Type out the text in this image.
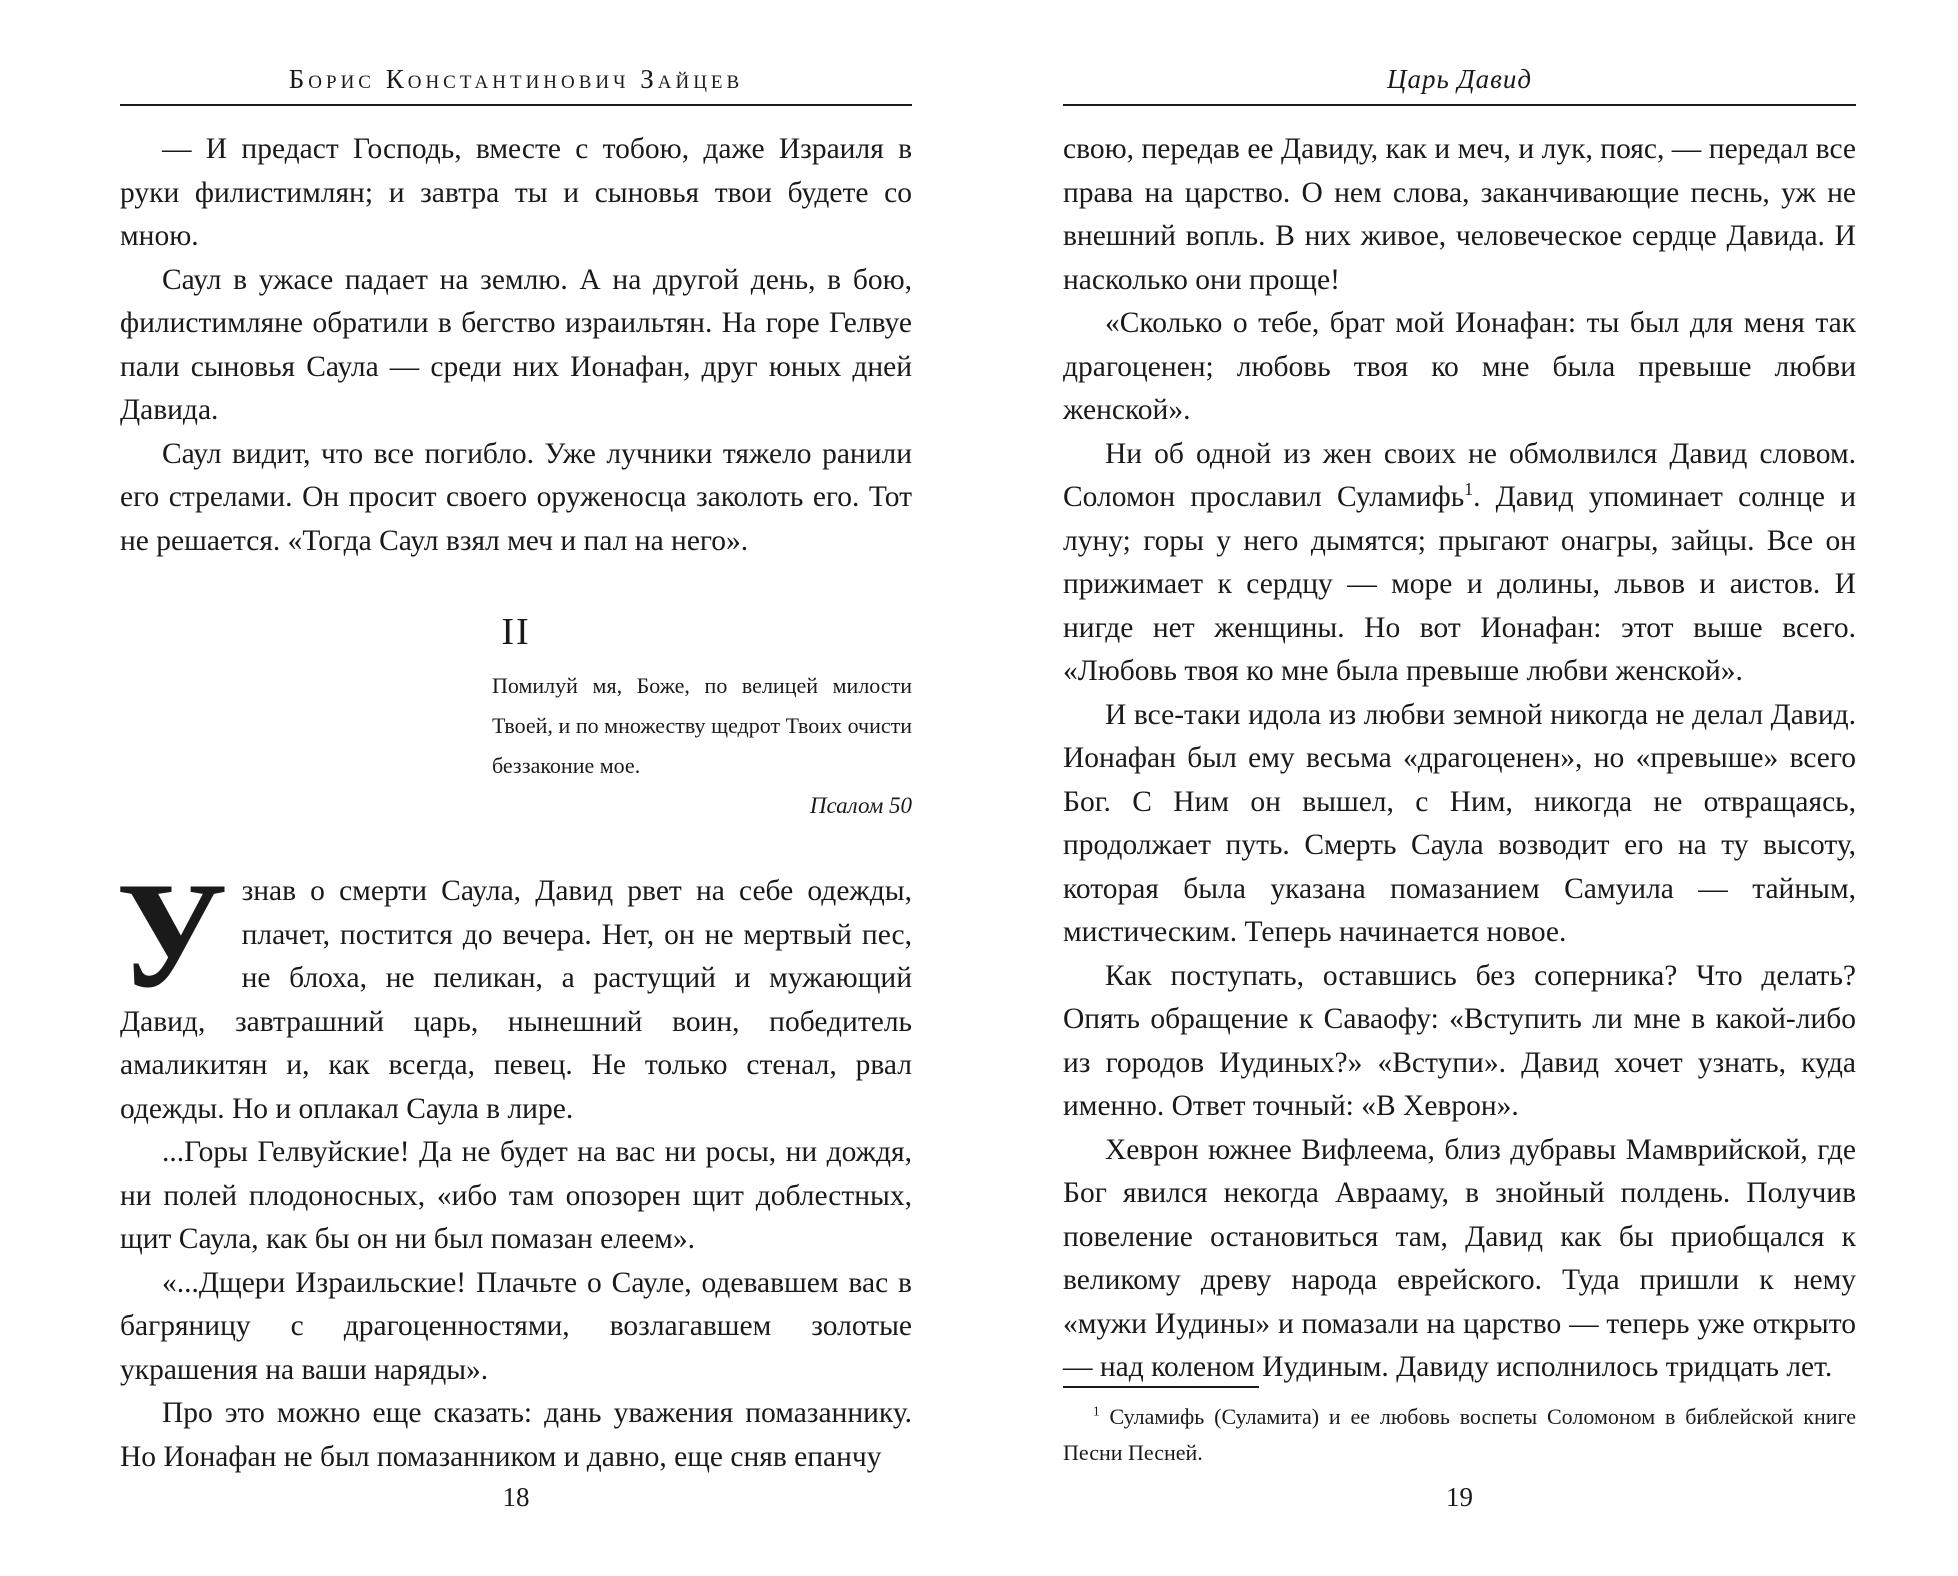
Борис Константинович Зайцев

— И предаст Господь, вместе с тобою, даже Израиля в руки филистимлян; и завтра ты и сыновья твои будете со мною.

Саул в ужасе падает на землю. А на другой день, в бою, филистимляне обратили в бегство израильтян. На горе Гелвуе пали сыновья Саула — среди них Ионафан, друг юных дней Давида.

Саул видит, что все погибло. Уже лучники тяжело ранили его стрелами. Он просит своего оруженосца заколоть его. Тот не решается. «Тогда Саул взял меч и пал на него».

II
Помилуй мя, Боже, по велицей милости Твоей, и по множеству щедрот Твоих очисти беззаконие мое.
Псалом 50

Узнав о смерти Саула, Давид рвет на себе одежды, плачет, постится до вечера. Нет, он не мертвый пес, не блоха, не пеликан, а растущий и мужающий Давид, завтрашний царь, нынешний воин, победитель амаликитян и, как всегда, певец. Не только стенал, рвал одежды. Но и оплакал Саула в лире.

...Горы Гелвуйские! Да не будет на вас ни росы, ни дождя, ни полей плодоносных, «ибо там опозорен щит доблестных, щит Саула, как бы он ни был помазан елеем».

«...Дщери Израильские! Плачьте о Сауле, одевавшем вас в багряницу с драгоценностями, возлагавшем золотые украшения на ваши наряды».

Про это можно еще сказать: дань уважения помазаннику. Но Ионафан не был помазанником и давно, еще сняв епанчу

18
Царь Давид

свою, передав ее Давиду, как и меч, и лук, пояс, — передал все права на царство. О нем слова, заканчивающие песнь, уж не внешний вопль. В них живое, человеческое сердце Давида. И насколько они проще!

«Сколько о тебе, брат мой Ионафан: ты был для меня так драгоценен; любовь твоя ко мне была превыше любви женской».

Ни об одной из жен своих не обмолвился Давид словом. Соломон прославил Суламифь$^1$. Давид упоминает солнце и луну; горы у него дымятся; прыгают онагры, зайцы. Все он прижимает к сердцу — море и долины, львов и аистов. И нигде нет женщины. Но вот Ионафан: этот выше всего. «Любовь твоя ко мне была превыше любви женской».

И все-таки идола из любви земной никогда не делал Давид. Ионафан был ему весьма «драгоценен», но «превыше» всего Бог. С Ним он вышел, с Ним, никогда не отвращаясь, продолжает путь. Смерть Саула возводит его на ту высоту, которая была указана помазанием Самуила — тайным, мистическим. Теперь начинается новое.

Как поступать, оставшись без соперника? Что делать? Опять обращение к Саваофу: «Вступить ли мне в какой-либо из городов Иудиных?» «Вступи». Давид хочет узнать, куда именно. Ответ точный: «В Хеврон».

Хеврон южнее Вифлеема, близ дубравы Мамврийской, где Бог явился некогда Аврааму, в знойный полдень. Получив повеление остановиться там, Давид как бы приобщался к великому древу народа еврейского. Туда пришли к нему «мужи Иудины» и помазали на царство — теперь уже открыто — над коленом Иудиным. Давиду исполнилось тридцать лет.

$^1$ Суламифь (Суламита) и ее любовь воспеты Соломоном в библейской книге Песни Песней.
19
